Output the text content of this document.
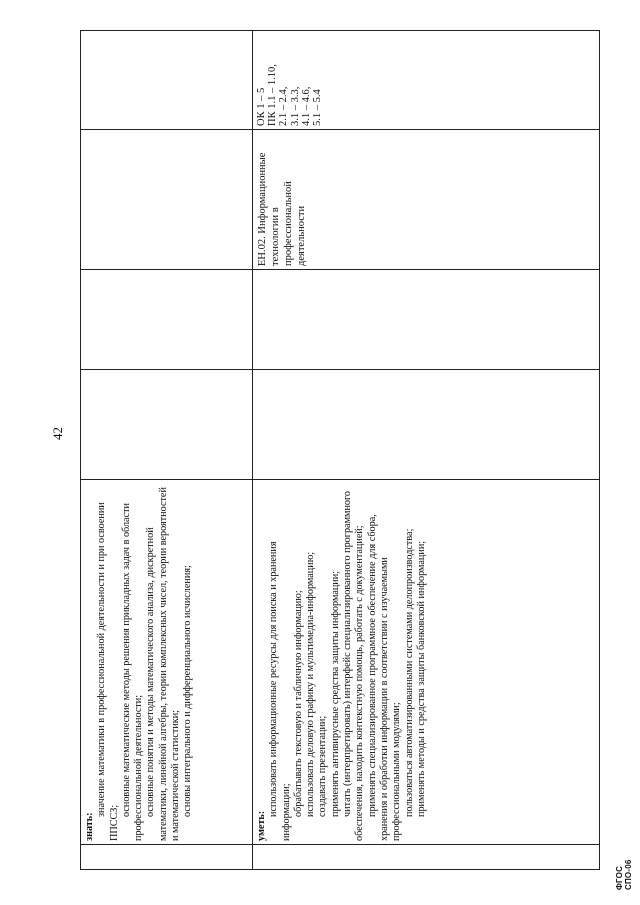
42

знать:

значение математики в профессиональной деятельности и при освоении ППССЗ;

основные математические методы решения прикладных задач в области профессиональной деятельности; основные понятия и методы математического анализа, дискретной математики, линейной алгебры, теории комплексных чисел, теории вероятностей и математической статистики; основы интегрального и дифференциального исчисления;

уметь:

использовать информационные ресурсы для поиска и хранения информации; обрабатывать текстовую и табличную информацию; использовать деловую графику и мультимедиа-информацию; создавать презентации; применять антивирусные средства защиты информации; читать (интерпретировать) интерфейс специализированного программного обеспечения, находить контекстную помощь, работать с документацией; применять специализированное программное обеспечение для сбора, хранения и обработки информации в соответствии с изучаемыми профессиональными модулями; пользоваться автоматизированными системами делопроизводства; применять методы и средства защиты банковской информации;

ЕН.02. Информационные технологии в профессиональной деятельности

ОК 1 – 5 ПК 1.1 – 1.10, 2.1 – 2.4, 3.1 – 3.3, 4.1 – 4.6, 5.1 – 5.4

ФГОС СПО-06
